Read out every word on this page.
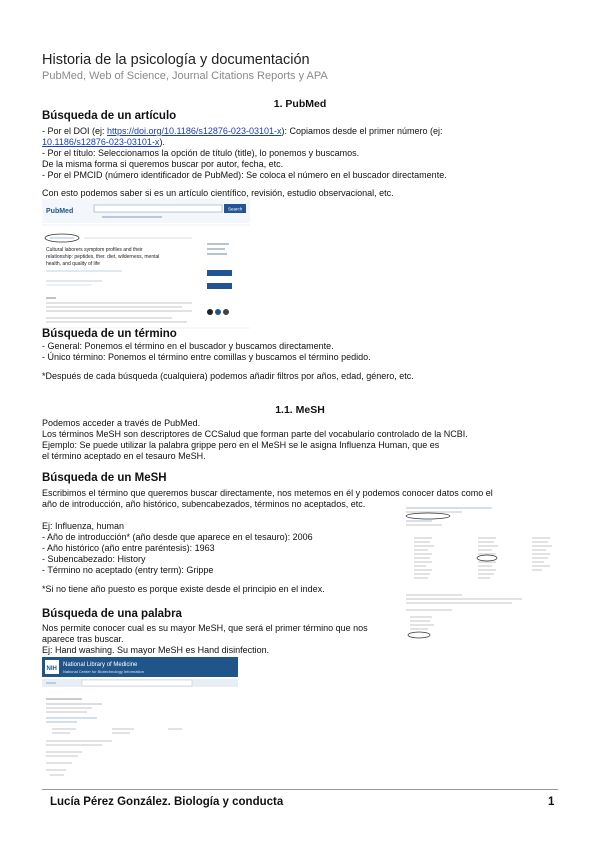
Historia de la psicología y documentación
PubMed, Web of Science, Journal Citations Reports y APA
1. PubMed
Búsqueda de un artículo
- Por el DOI (ej: https://doi.org/10.1186/s12876-023-03101-x): Copiamos desde el primer número (ej:
10.1186/s12876-023-03101-x).
- Por el título: Seleccionamos la opción de título (title), lo ponemos y buscamos.
De la misma forma si queremos buscar por autor, fecha, etc.
- Por el PMCID (número identificador de PubMed): Se coloca el número en el buscador directamente.
Con esto podemos saber si es un artículo científico, revisión, estudio observacional, etc.
PubMed	Search
Cultural laborers symptom profiles and their relationship: peptides, ther. diet, wilderness, mental health, and quality of life
Búsqueda de un término
- General: Ponemos el término en el buscador y buscamos directamente.
- Único término: Ponemos el término entre comillas y buscamos el término pedido.
*Después de cada búsqueda (cualquiera) podemos añadir filtros por años, edad, género, etc.
1.1. MeSH
Podemos acceder a través de PubMed.
Los términos MeSH son descriptores de CCSalud que forman parte del vocabulario controlado de la NCBI.
Ejemplo: Se puede utilizar la palabra grippe pero en el MeSH se le asigna Influenza Human, que es
el término aceptado en el tesauro MeSH.
Búsqueda de un MeSH
Escribimos el término que queremos buscar directamente, nos metemos en él y podemos conocer datos como el
año de introducción, año histórico, subencabezados, términos no aceptados, etc.
Ej: Influenza, human
- Año de introducción* (año desde que aparece en el tesauro): 2006
- Año histórico (año entre paréntesis): 1963
- Subencabezado: History
- Término no aceptado (entry term): Grippe
*Si no tiene año puesto es porque existe desde el principio en el index.
Búsqueda de una palabra
Nos permite conocer cual es su mayor MeSH, que será el primer término que nos
aparece tras buscar.
Ej: Hand washing. Su mayor MeSH es Hand disinfection.
NIH
National Library of Medicine
National Center for Biotechnology Information
Lucía Pérez González. Biología y conducta	1
